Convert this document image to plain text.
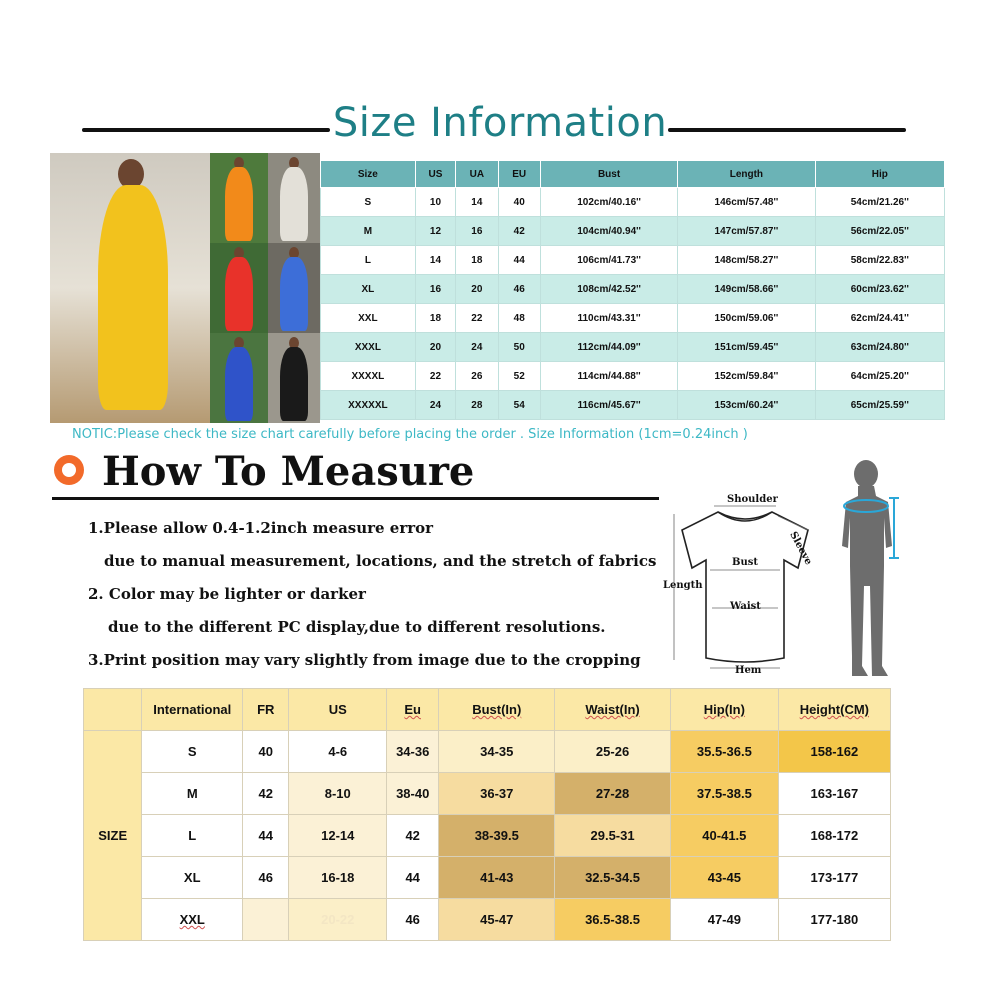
Size Information
Size	US	UA	EU	Bust	Length	Hip
S	10	14	40	102cm/40.16''	146cm/57.48''	54cm/21.26''
M	12	16	42	104cm/40.94''	147cm/57.87''	56cm/22.05''
L	14	18	44	106cm/41.73''	148cm/58.27''	58cm/22.83''
XL	16	20	46	108cm/42.52''	149cm/58.66''	60cm/23.62''
XXL	18	22	48	110cm/43.31''	150cm/59.06''	62cm/24.41''
XXXL	20	24	50	112cm/44.09''	151cm/59.45''	63cm/24.80''
XXXXL	22	26	52	114cm/44.88''	152cm/59.84''	64cm/25.20''
XXXXXL	24	28	54	116cm/45.67''	153cm/60.24''	65cm/25.59''
NOTIC:Please check the size chart carefully before placing the order . Size Information (1cm=0.24inch )
How To Measure
1.Please allow 0.4-1.2inch measure error
due to manual measurement, locations, and the stretch of fabrics
2. Color may be lighter or darker
due to the different PC display,due to different resolutions.
3.Print position may vary slightly from image due to the cropping
Shoulder
Sleeve
Bust
Length
Waist
Hem
	International	FR	US	Eu	Bust(In)	Waist(In)	Hip(In)	Height(CM)
SIZE	S	40	4-6	34-36	34-35	25-26	35.5-36.5	158-162
	M	42	8-10	38-40	36-37	27-28	37.5-38.5	163-167
	L	44	12-14	42	38-39.5	29.5-31	40-41.5	168-172
	XL	46	16-18	44	41-43	32.5-34.5	43-45	173-177
	XXL		20-22	46	45-47	36.5-38.5	47-49	177-180
